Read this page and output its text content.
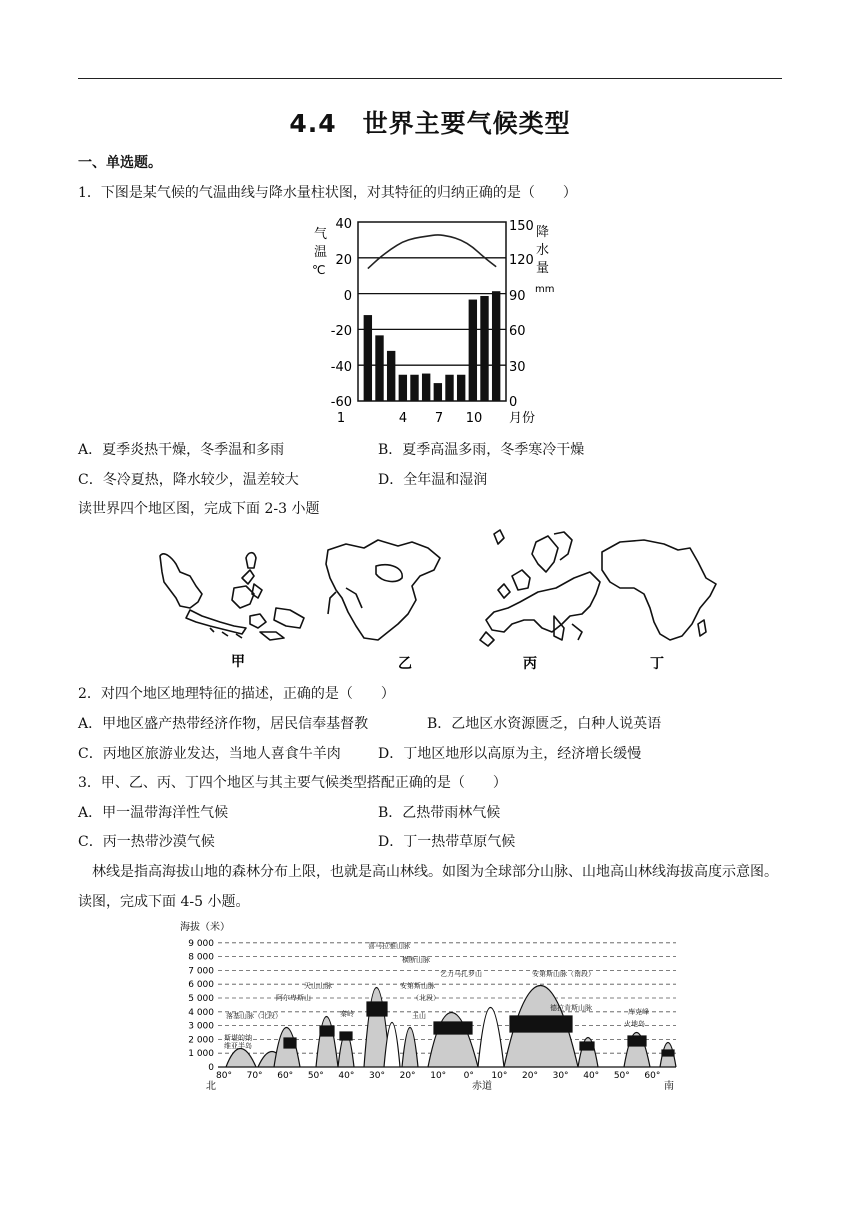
4.4　世界主要气候类型
一、单选题。
1．下图是某气候的气温曲线与降水量柱状图，对其特征的归纳正确的是（　　）
气
温
℃
降
水
量
mm
40
20
0
-20
-40
-60
150
120
90
60
30
0
1	4 7 10 月份
A．夏季炎热干燥，冬季温和多雨	B．夏季高温多雨，冬季寒冷干燥
C．冬冷夏热，降水较少，温差较大	D．全年温和湿润
读世界四个地区图，完成下面 2-3 小题
甲	乙	丙	丁
2．对四个地区地理特征的描述，正确的是（　　）
A．甲地区盛产热带经济作物，居民信奉基督教	B．乙地区水资源匮乏，白种人说英语
C．丙地区旅游业发达，当地人喜食牛羊肉	D．丁地区地形以高原为主，经济增长缓慢
3．甲、乙、丙、丁四个地区与其主要气候类型搭配正确的是（　　）
A．甲一温带海洋性气候	B．乙热带雨林气候
C．丙一热带沙漠气候	D．丁一热带草原气候
林线是指高海拔山地的森林分布上限，也就是高山林线。如图为全球部分山脉、山地高山林线海拔高度示意图。读图，完成下面 4-5 小题。
海拔（米）
9 000
8 000
7 000
6 000
5 000
4 000
3 000
2 000
1 000
0
喜马拉雅山脉
横断山脉
天山山脉
阿尔卑斯山
落基山脉（北段）	秦岭
安第斯山脉
（北段）
玉山
乞力马扎罗山	安第斯山脉（南段）
德拉肯斯山脉	库克峰
火地岛
斯堪的纳
维亚半岛
80° 70° 60° 50° 40° 30° 20° 10° 0° 10° 20° 30° 40° 50° 60°
北	赤道	南
